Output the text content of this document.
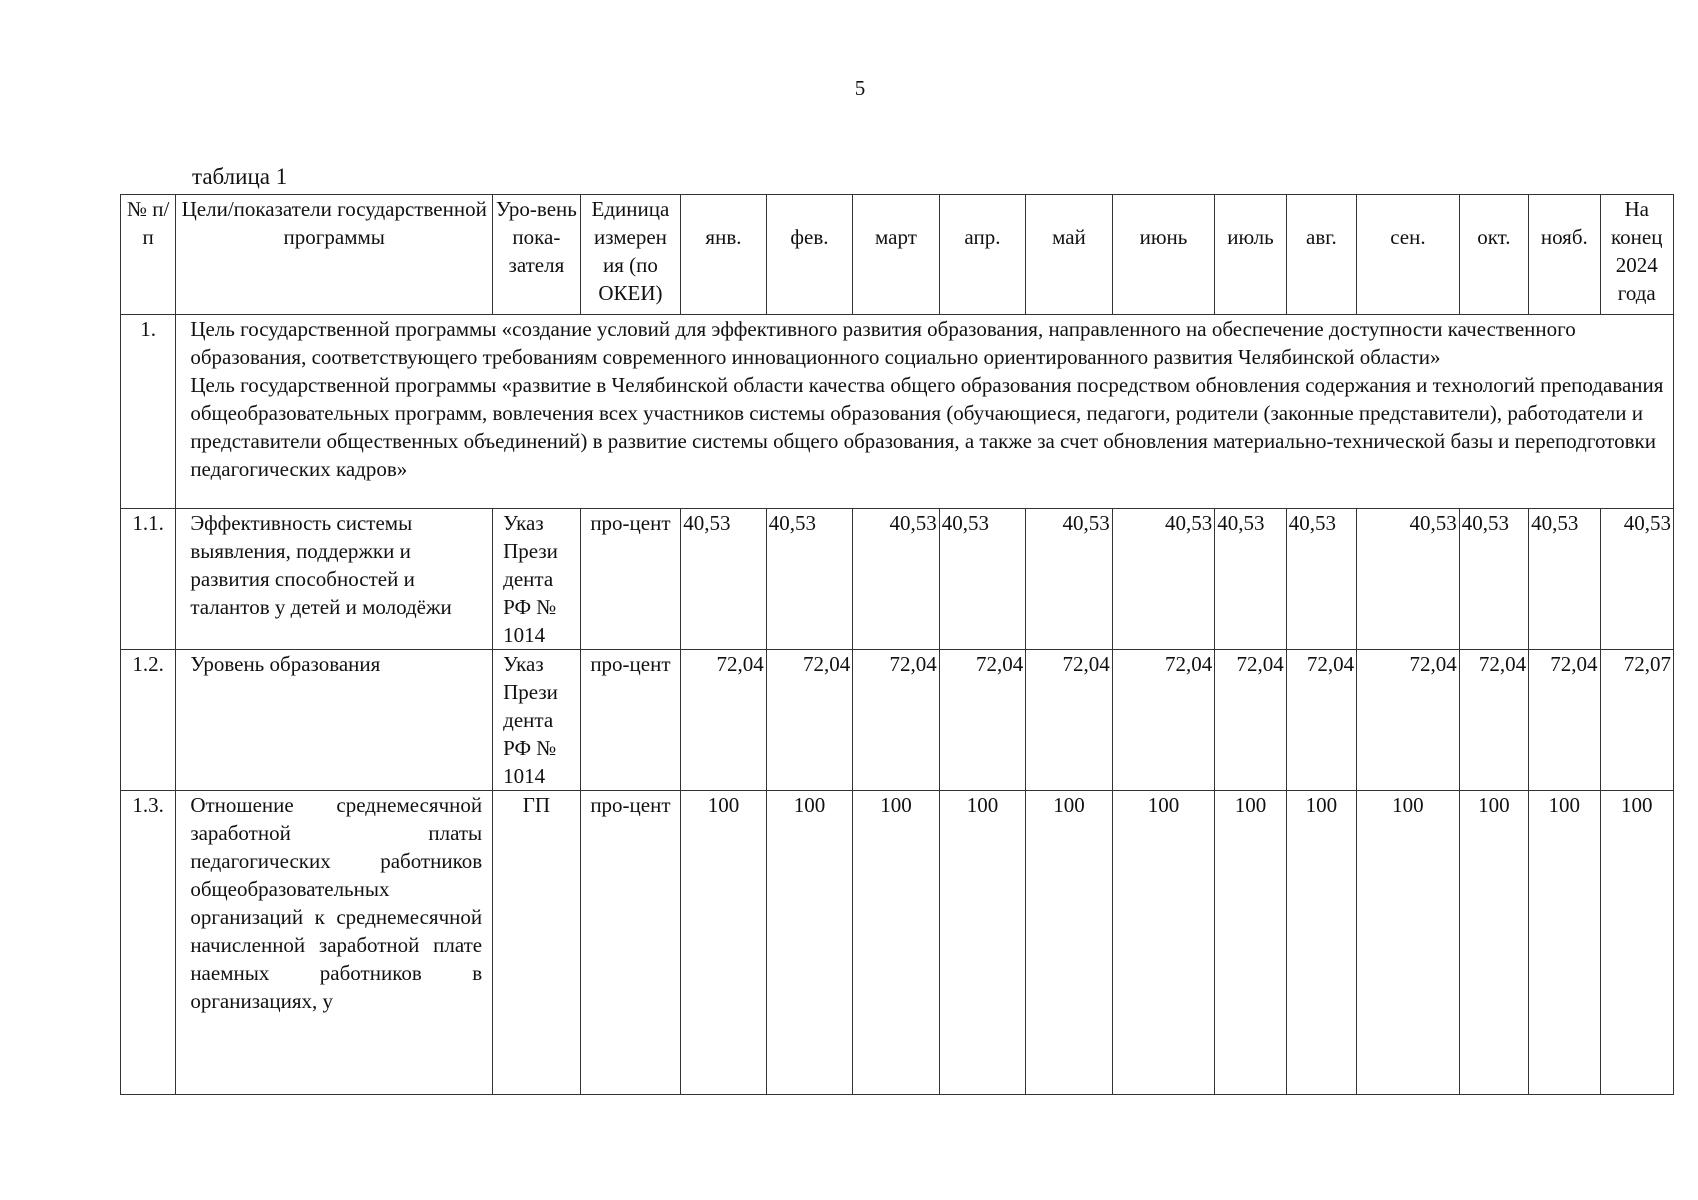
5
таблица 1
№ п/п	Цели/показатели государственной программы	Уро-вень пока-зателя	Единица измерен ия (по ОКЕИ)	янв.	фев.	март	апр.	май	июнь	июль	авг.	сен.	окт.	нояб.	На конец 2024 года
1.	Цель государственной программы «создание условий для эффективного развития образования, направленного на обеспечение доступности качественного образования, соответствующего требованиям современного инновационного социально ориентированного развития Челябинской области»
Цель государственной программы «развитие в Челябинской области качества общего образования посредством обновления содержания и технологий преподавания общеобразовательных программ, вовлечения всех участников системы образования (обучающиеся, педагоги, родители (законные представители), работодатели и представители общественных объединений) в развитие системы общего образования, а также за счет обновления материально-технической базы и переподготовки педагогических кадров»														

1.1.	Эффективность системы выявления, поддержки и развития способностей и талантов у детей и молодёжи	Указ Прези дента РФ № 1014	про-цент	40,53	40,53	40,53	40,53	40,53	40,53	40,53	40,53	40,53	40,53	40,53	40,53
1.2.	Уровень образования	Указ Прези дента РФ № 1014	про-цент	72,04	72,04	72,04	72,04	72,04	72,04	72,04	72,04	72,04	72,04	72,04	72,07
1.3.	Отношение среднемесячной заработной платы педагогических работников общеобразовательных организаций к среднемесячной начисленной заработной плате наемных работников в организациях, у	ГП	про-цент	100	100	100	100	100	100	100	100	100	100	100	100
